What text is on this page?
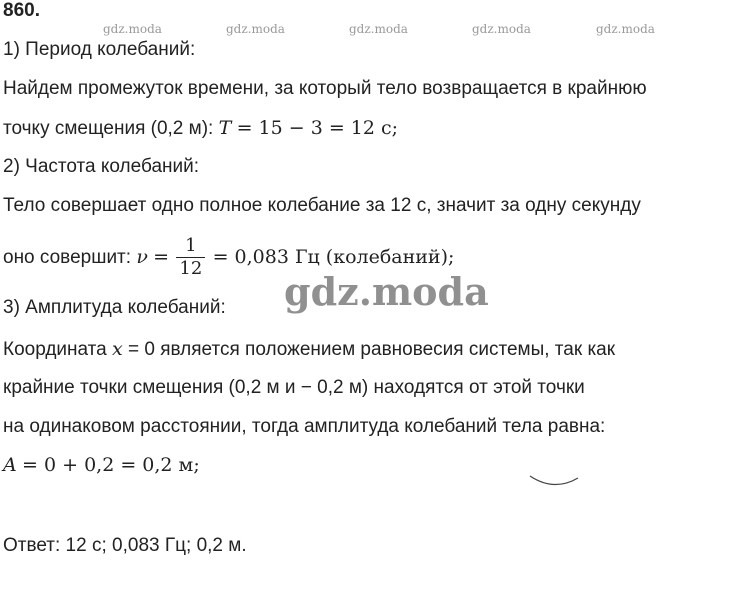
860.
gdz.moda	gdz.moda	gdz.moda	gdz.moda	gdz.moda
1) Период колебаний:
Найдем промежуток времени, за который тело возвращается в крайнюю
точку смещения (0,2 м): T = 15 − 3 = 12 с;
2) Частота колебаний:
Тело совершает одно полное колебание за 12 с, значит за одну секунду
оно совершит: $\nu = \frac{1}{12} = 0,083$ Гц (колебаний);
3) Амплитуда колебаний:
Координата x = 0 является положением равновесия системы, так как
крайние точки смещения (0,2 м и − 0,2 м) находятся от этой точки
на одинаковом расстоянии, тогда амплитуда колебаний тела равна:
A = 0 + 0,2 = 0,2 м;
gdz.moda
Ответ: 12 с; 0,083 Гц; 0,2 м.
